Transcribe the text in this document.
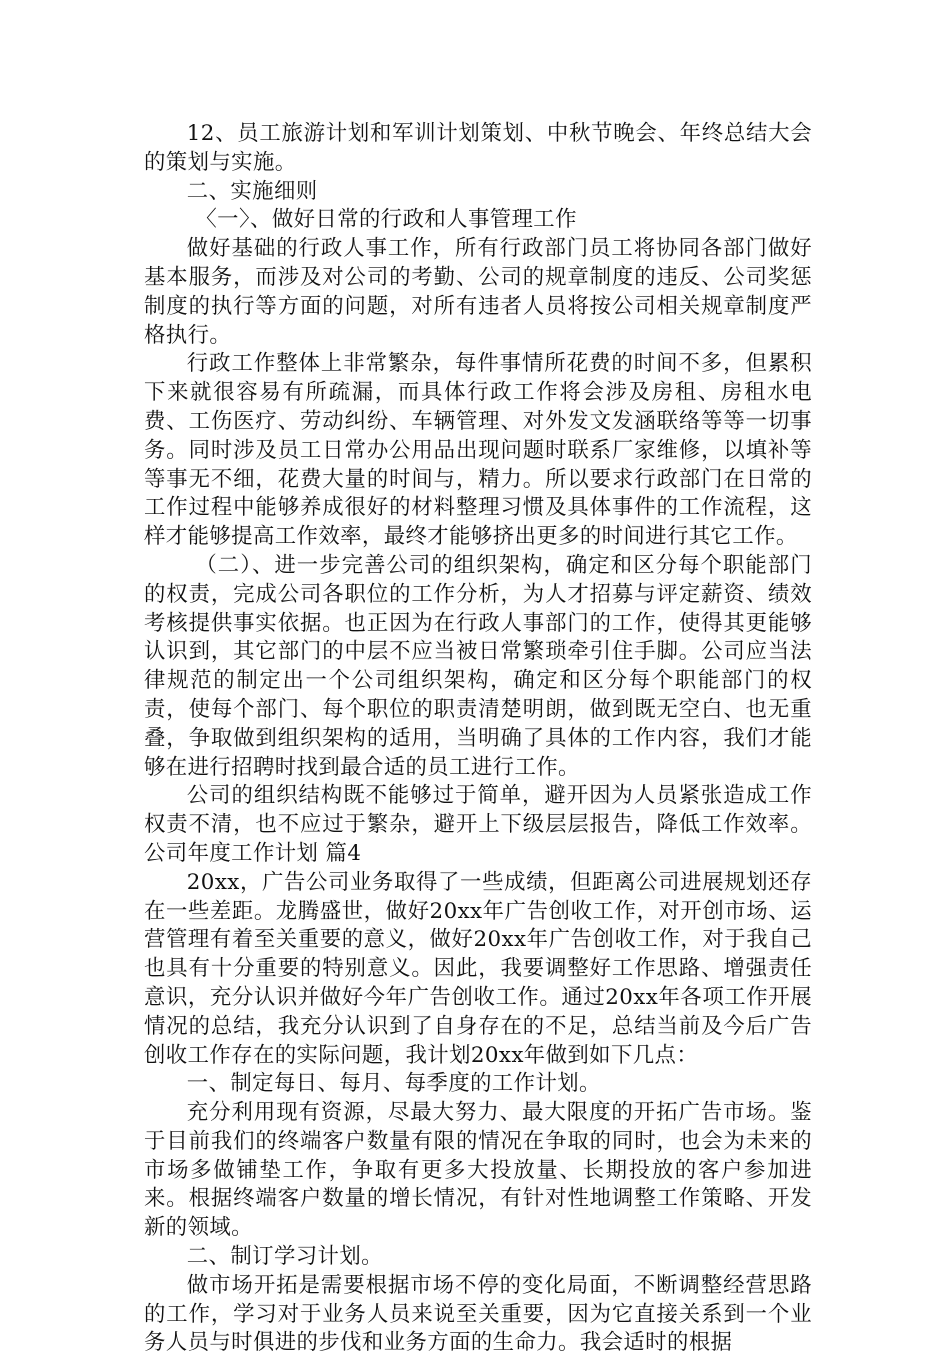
12、员工旅游计划和军训计划策划、中秋节晚会、年终总结大会的策划与实施。

二、实施细则

〈一〉、做好日常的行政和人事管理工作

做好基础的行政人事工作，所有行政部门员工将协同各部门做好基本服务，而涉及对公司的考勤、公司的规章制度的违反、公司奖惩制度的执行等方面的问题，对所有违者人员将按公司相关规章制度严格执行。

行政工作整体上非常繁杂，每件事情所花费的时间不多，但累积下来就很容易有所疏漏，而具体行政工作将会涉及房租、房租水电费、工伤医疗、劳动纠纷、车辆管理、对外发文发涵联络等等一切事务。同时涉及员工日常办公用品出现问题时联系厂家维修，以填补等等事无不细，花费大量的时间与，精力。所以要求行政部门在日常的工作过程中能够养成很好的材料整理习惯及具体事件的工作流程，这样才能够提高工作效率，最终才能够挤出更多的时间进行其它工作。

（二）、进一步完善公司的组织架构，确定和区分每个职能部门的权责，完成公司各职位的工作分析，为人才招募与评定薪资、绩效考核提供事实依据。也正因为在行政人事部门的工作，使得其更能够认识到，其它部门的中层不应当被日常繁琐牵引住手脚。公司应当法律规范的制定出一个公司组织架构，确定和区分每个职能部门的权责，使每个部门、每个职位的职责清楚明朗，做到既无空白、也无重叠，争取做到组织架构的适用，当明确了具体的工作内容，我们才能够在进行招聘时找到最合适的员工进行工作。

公司的组织结构既不能够过于简单，避开因为人员紧张造成工作权责不清，也不应过于繁杂，避开上下级层层报告，降低工作效率。公司年度工作计划 篇4

20xx，广告公司业务取得了一些成绩，但距离公司进展规划还存在一些差距。龙腾盛世，做好20xx年广告创收工作，对开创市场、运营管理有着至关重要的意义，做好20xx年广告创收工作，对于我自己也具有十分重要的特别意义。因此，我要调整好工作思路、增强责任意识，充分认识并做好今年广告创收工作。通过20xx年各项工作开展情况的总结，我充分认识到了自身存在的不足，总结当前及今后广告创收工作存在的实际问题，我计划20xx年做到如下几点：

一、制定每日、每月、每季度的工作计划。

充分利用现有资源，尽最大努力、最大限度的开拓广告市场。鉴于目前我们的终端客户数量有限的情况在争取的同时，也会为未来的市场多做铺垫工作，争取有更多大投放量、长期投放的客户参加进来。根据终端客户数量的增长情况，有针对性地调整工作策略、开发新的领域。

二、制订学习计划。

做市场开拓是需要根据市场不停的变化局面，不断调整经营思路的工作，学习对于业务人员来说至关重要，因为它直接关系到一个业务人员与时俱进的步伐和业务方面的生命力。我会适时的根据
